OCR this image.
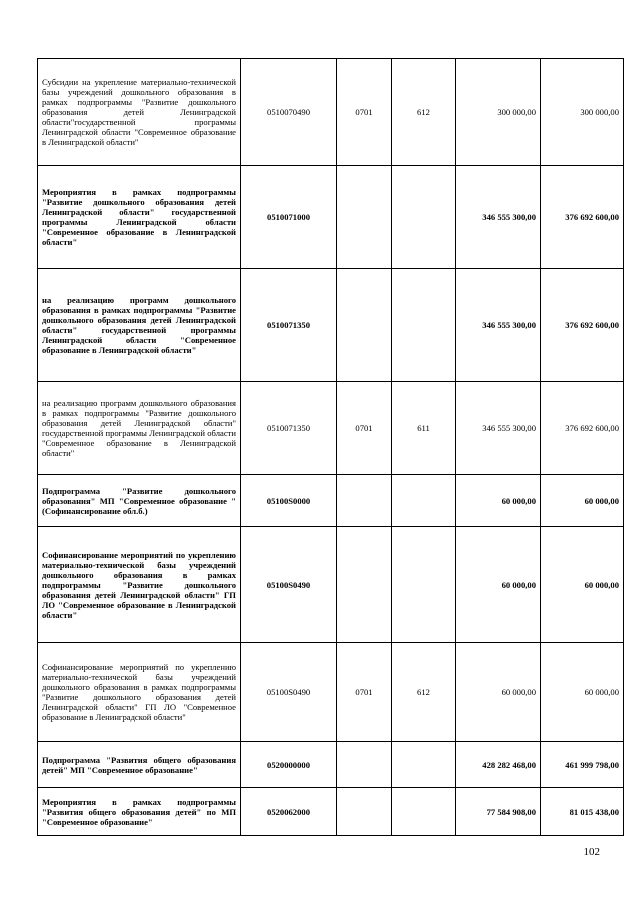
Субсидии на укрепление материально-технической базы учреждений дошкольного образования в рамках подпрограммы "Развитие дошкольного образования детей Ленинградской области"государственной программы Ленинградской области "Современное образование в Ленинградской области"	0510070490	0701	612	300 000,00	300 000,00
Мероприятия в рамках подпрограммы "Развитие дошкольного образования детей Ленинградской области" государственной программы Ленинградской области "Современное образование в Ленинградской области"	0510071000			346 555 300,00	376 692 600,00
на реализацию программ дошкольного образования в рамках подпрограммы "Развитие дошкольного образования детей Ленинградской области" государственной программы Ленинградской области "Современное образование в Ленинградской области"	0510071350			346 555 300,00	376 692 600,00
на реализацию программ дошкольного образования в рамках подпрограммы "Развитие дошкольного образования детей Ленинградской области" государственной программы Ленинградской области "Современное образование в Ленинградской области"	0510071350	0701	611	346 555 300,00	376 692 600,00
Подпрограмма "Развитие дошкольного образования" МП "Современное образование " (Софинансирование обл.б.)	05100S0000			60 000,00	60 000,00
Софинансирование мероприятий по укреплению материально-технической базы учреждений дошкольного образования в рамках подпрограммы "Развитие дошкольного образования детей Ленинградской области" ГП ЛО "Современное образование в Ленинградской области"	05100S0490			60 000,00	60 000,00
Софинансирование мероприятий по укреплению материально-технической базы учреждений дошкольного образования в рамках подпрограммы "Развитие дошкольного образования детей Ленинградской области" ГП ЛО "Современное образование в Ленинградской области"	05100S0490	0701	612	60 000,00	60 000,00
Подпрограмма "Развития общего образования детей" МП "Современное образование"	0520000000			428 282 468,00	461 999 798,00
Мероприятия в рамках подпрограммы "Развития общего образования детей" по МП "Современное образование"	0520062000			77 584 908,00	81 015 438,00
102
